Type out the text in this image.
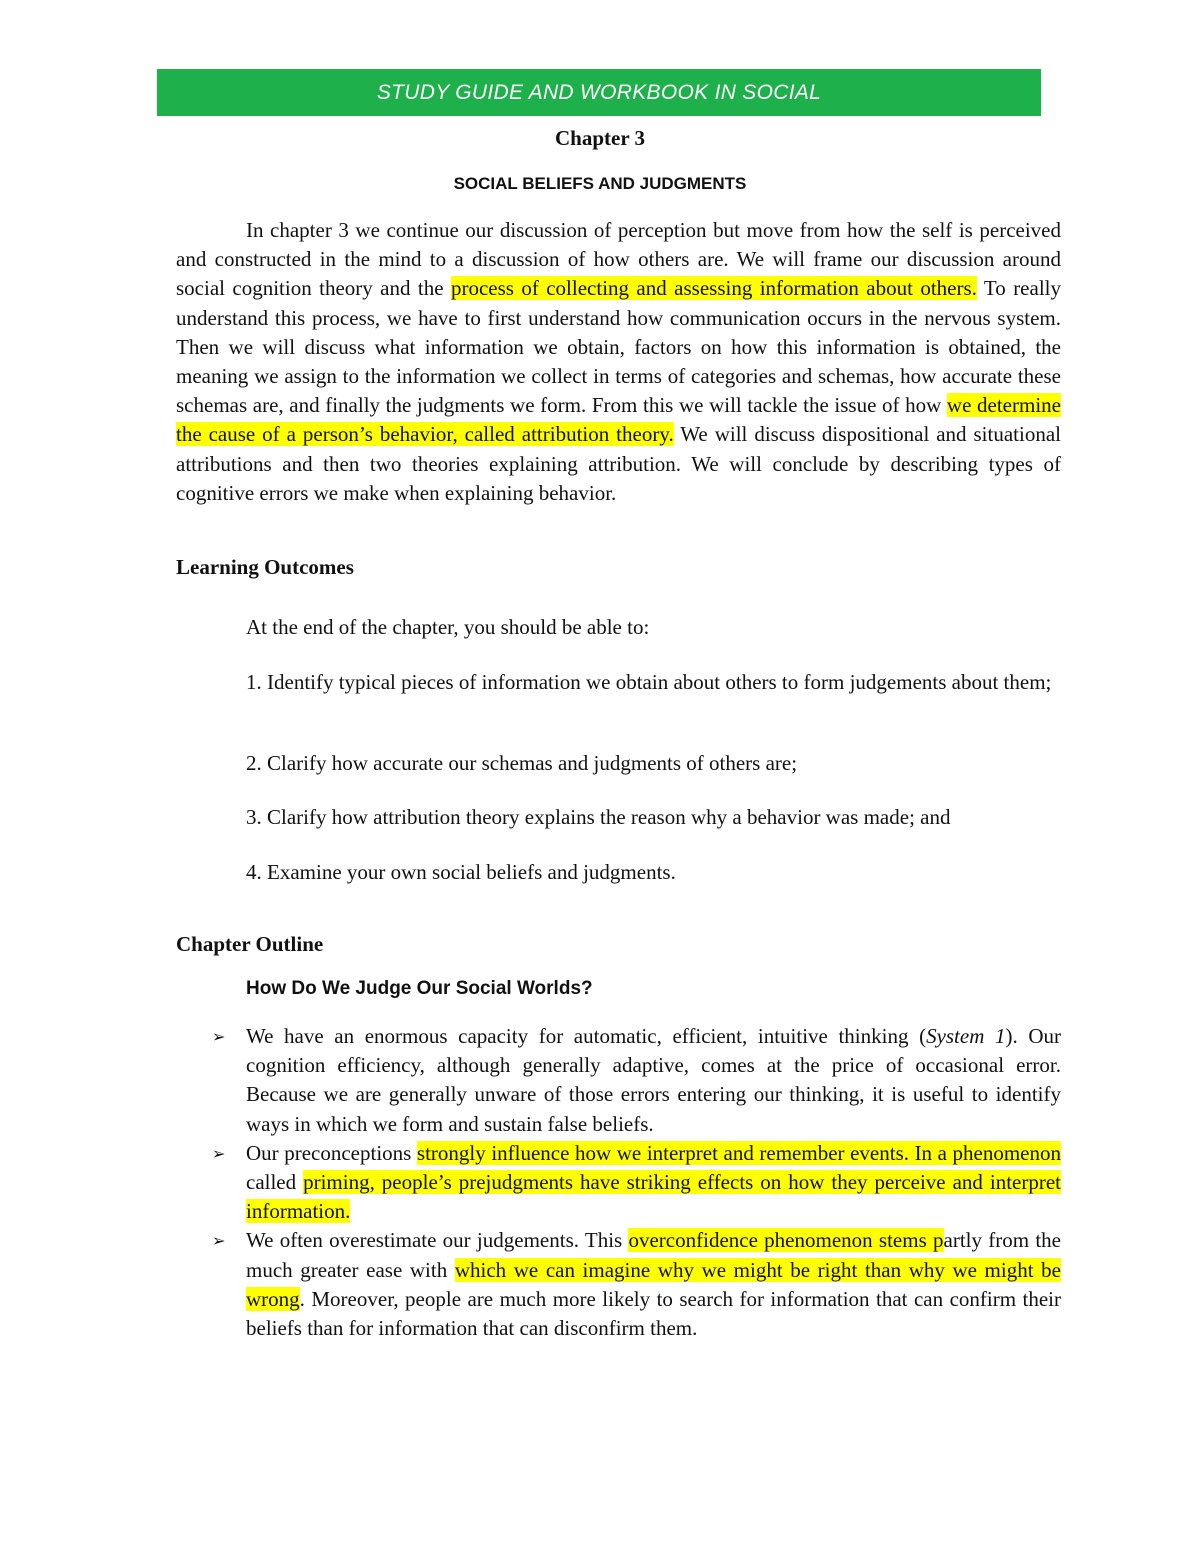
STUDY GUIDE AND WORKBOOK IN SOCIAL
Chapter 3
SOCIAL BELIEFS AND JUDGMENTS

In chapter 3 we continue our discussion of perception but move from how the self is perceived and constructed in the mind to a discussion of how others are. We will frame our discussion around social cognition theory and the process of collecting and assessing information about others. To really understand this process, we have to first understand how communication occurs in the nervous system. Then we will discuss what information we obtain, factors on how this information is obtained, the meaning we assign to the information we collect in terms of categories and schemas, how accurate these schemas are, and finally the judgments we form. From this we will tackle the issue of how we determine the cause of a person’s behavior, called attribution theory. We will discuss dispositional and situational attributions and then two theories explaining attribution. We will conclude by describing types of cognitive errors we make when explaining behavior.

Learning Outcomes

At the end of the chapter, you should be able to:

1. Identify typical pieces of information we obtain about others to form judgements about them;

2. Clarify how accurate our schemas and judgments of others are;

3. Clarify how attribution theory explains the reason why a behavior was made; and

4. Examine your own social beliefs and judgments.

Chapter Outline
How Do We Judge Our Social Worlds?
➢ We have an enormous capacity for automatic, efficient, intuitive thinking (System 1). Our cognition efficiency, although generally adaptive, comes at the price of occasional error. Because we are generally unware of those errors entering our thinking, it is useful to identify ways in which we form and sustain false beliefs.
➢ Our preconceptions strongly influence how we interpret and remember events. In a phenomenon called priming, people’s prejudgments have striking effects on how they perceive and interpret information.
➢ We often overestimate our judgements. This overconfidence phenomenon stems partly from the much greater ease with which we can imagine why we might be right than why we might be wrong. Moreover, people are much more likely to search for information that can confirm their beliefs than for information that can disconfirm them.
